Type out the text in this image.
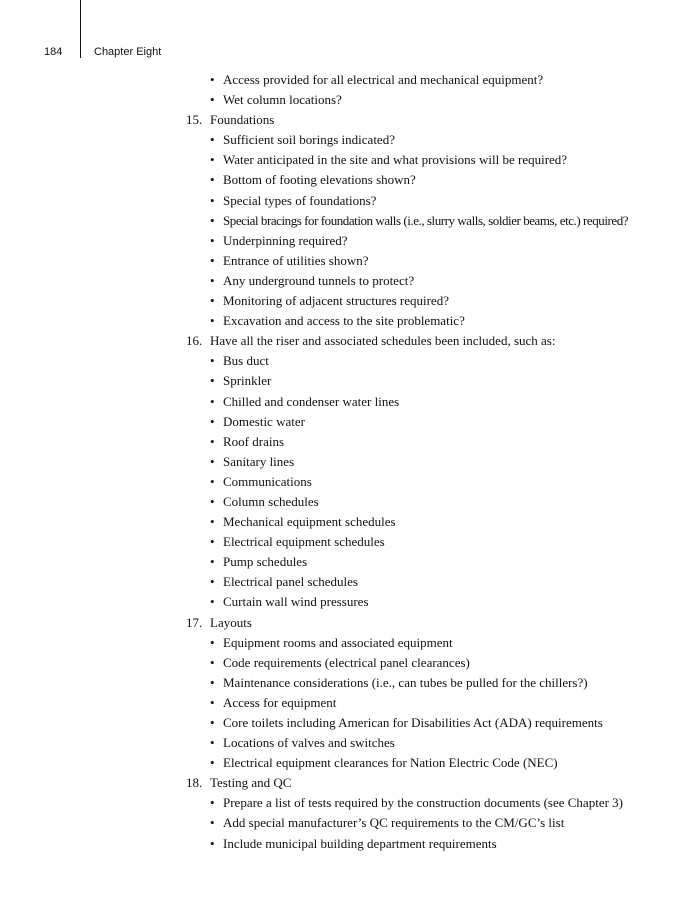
184	Chapter Eight
• Access provided for all electrical and mechanical equipment?
• Wet column locations?
15. Foundations
• Sufficient soil borings indicated?
• Water anticipated in the site and what provisions will be required?
• Bottom of footing elevations shown?
• Special types of foundations?
• Special bracings for foundation walls (i.e., slurry walls, soldier beams, etc.) required?
• Underpinning required?
• Entrance of utilities shown?
• Any underground tunnels to protect?
• Monitoring of adjacent structures required?
• Excavation and access to the site problematic?
16. Have all the riser and associated schedules been included, such as:
• Bus duct
• Sprinkler
• Chilled and condenser water lines
• Domestic water
• Roof drains
• Sanitary lines
• Communications
• Column schedules
• Mechanical equipment schedules
• Electrical equipment schedules
• Pump schedules
• Electrical panel schedules
• Curtain wall wind pressures
17. Layouts
• Equipment rooms and associated equipment
• Code requirements (electrical panel clearances)
• Maintenance considerations (i.e., can tubes be pulled for the chillers?)
• Access for equipment
• Core toilets including American for Disabilities Act (ADA) requirements
• Locations of valves and switches
• Electrical equipment clearances for Nation Electric Code (NEC)
18. Testing and QC
• Prepare a list of tests required by the construction documents (see Chapter 3)
• Add special manufacturer’s QC requirements to the CM/GC’s list
• Include municipal building department requirements
